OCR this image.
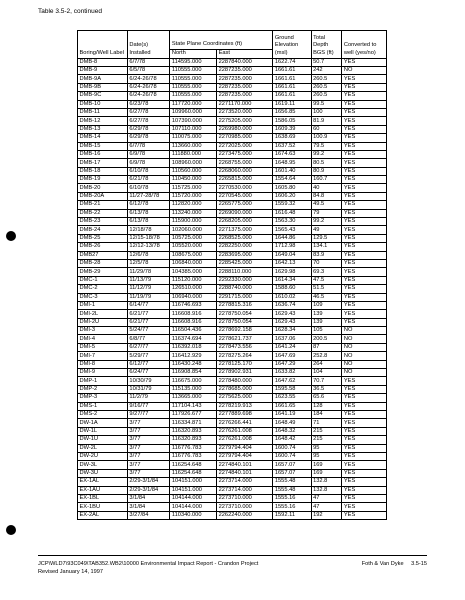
Table 3.5-2, continued
Boring/Well Label	Date(s) Installed	State Plane Coordinates (ft)		Ground Elevation (msl)	Total Depth BGS (ft)	Converted to well (yes/no)
		North	East			
DMB-8	6/7/78	114595.000	2287840.000	1622.74	50.7	YES
DMB-9	6/5/78	110555.000	2287235.000	1661.61	242	NO
DMB-9A	6/24-26/78	110555.000	2287235.000	1661.61	260.5	YES
DMB-9B	6/24-26/78	110555.000	2287235.000	1661.61	260.5	YES
DMB-9C	6/24-26/78	110555.000	2287235.000	1661.61	260.5	YES
DMB-10	6/23/78	117720.000	2271170.000	1619.11	99.5	YES
DMB-11	6/27/78	109960.000	2273520.000	1656.85	100	YES
DMB-12	6/27/78	107390.000	2275205.000	1586.05	81.9	YES
DMB-13	6/29/78	107110.000	2269980.000	1609.39	60	YES
DMB-14	6/29/78	110075.000	2270985.000	1638.69	100.9	YES
DMB-15	6/7/78	113660.000	2272025.000	1637.52	79.5	YES
DMB-16	6/9/78	111880.000	2273475.000	1674.63	99.2	YES
DMB-17	6/9/78	108960.000	2268755.000	1648.95	80.5	YES
DMB-18	6/10/78	110560.000	2268060.000	1601.40	80.9	YES
DMB-19	6/21/78	110450.000	2265815.000	1554.64	160.7	YES
DMB-20	6/10/78	115725.000	2270530.000	1605.80	40	YES
DMB-20A	11/27-28/78	115720.000	2270545.000	1606.20	84.8	YES
DMB-21	6/12/78	112820.000	2265775.000	1559.32	49.5	YES
DMB-22	6/13/78	113240.000	2269090.000	1616.48	79	YES
DMB-23	6/13/78	115900.000	2268205.000	1563.30	99.2	YES
DMB-24	12/18/78	102060.000	2271375.000	1565.43	49	YES
DMB-25	12/15-18/78	105725.000	2268525.000	1644.86	129.5	YES
DMB-26	12/12-13/78	105520.000	2282250.000	1712.98	134.1	YES
DMB27	12/6/78	108675.000	2283695.000	1649.04	83.9	YES
DMB-28	12/5/78	106840.000	2285425.000	1642.13	70	YES
DMB-29	11/29/78	104385.000	2288110.000	1629.98	69.3	YES
DMC-1	11/13/79	115120.000	2292330.000	1614.34	47.5	YES
DMC-2	11/12/79	126510.000	2288740.000	1588.60	51.5	YES
DMC-3	11/19/79	106940.000	2291715.000	1610.02	46.5	YES
DMI-1	6/14/77	116746.693	2278815.316	1636.74	109	YES
DMI-2L	6/21/77	116608.916	2278750.054	1629.43	139	YES
DMI-2U	6/21/77	116608.916	2278750.054	1629.43	139	YES
DMI-3	5/24/77	116504.436	2278692.158	1628.34	105	NO
DMI-4	6/8/77	116374.694	2278621.737	1637.06	200.5	NO
DMI-5	6/27/77	116392.018	2278473.556	1641.24	87	NO
DMI-7	5/29/77	116412.929	2278275.264	1647.69	252.8	NO
DMI-8	6/12/77	116430.248	2278125.170	1647.29	264	NO
DMI-9	6/24/77	116908.854	2278902.931	1633.82	104	NO
DMP-1	10/30/79	116675.000	2278480.000	1647.62	70.7	YES
DMP-2	10/31/79	115135.000	2278685.000	1595.58	36.5	YES
DMP-3	11/2/79	113665.000	2275625.000	1623.55	65.6	YES
DMS-1	9/16/77	117104.143	2278219.913	1661.65	128	YES
DMS-2	9/27/77	117926.677	2277889.698	1641.19	184	YES
DW-1A	3/77	116334.871	2276266.441	1648.49	71	YES
DW-1L	3/77	116320.893	2276261.008	1648.32	215	YES
DW-1U	3/77	116320.893	2276261.008	1648.42	215	YES
DW-2L	3/77	116776.783	2279794.404	1600.74	95	YES
DW-2U	3/77	116776.783	2279794.404	1600.74	95	YES
DW-3L	3/77	116254.648	2274840.101	1657.07	169	YES
DW-3U	3/77	116254.648	2274840.101	1657.07	169	YES
EX-1AL	2/29-3/1/84	104151.000	2273714.000	1555.48	132.8	YES
EX-1AU	2/29-3/1/84	104151.000	2273714.000	1555.48	132.8	YES
EX-1BL	3/1/84	104144.000	2273710.000	1555.16	47	YES
EX-1BU	3/1/84	104144.000	2273710.000	1555.16	47	YES
EX-2AL	3/27/84	110340.000	2262240.000	1592.11	192	YES
JCP\WLD7\93C049\TAB352.WB2\10000 Environmental Impact Report - Crandon Project
Revised January 14, 1997
Foth & Van Dyke 3.5-15
